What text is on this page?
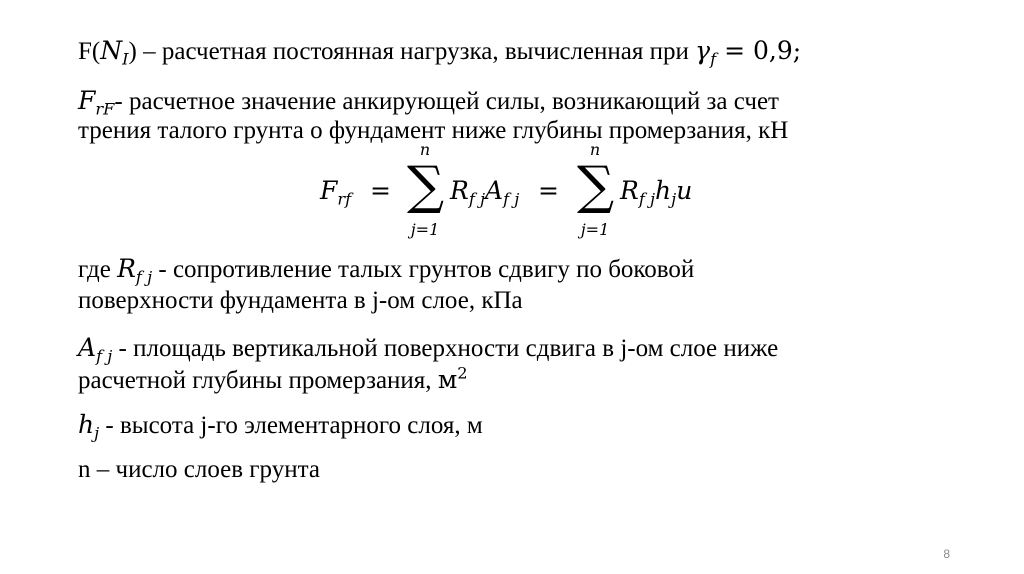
$F(N_I)$ – расчетная постоянная нагрузка, вычисленная при $\gamma_f = 0,9$;
$F_{rF}-$ расчетное значение анкирующей силы, возникающий за счет
трения талого грунта о фундамент ниже глубины промерзания, кН
$F_{rf}$ =
n
∑
j=1
$R_{f j}A_{f j}$ =
n
∑
j=1
$R_{f j}h_ju$
где $R_{f j}$ - сопротивление талых грунтов сдвигу по боковой
поверхности фундамента в j-ом слое, кПа
$A_{f j}$ - площадь вертикальной поверхности сдвига в j-ом слое ниже
расчетной глубины промерзания, $м^2$
$h_j$ - высота j-го элементарного слоя, м
n – число слоев грунта
8
